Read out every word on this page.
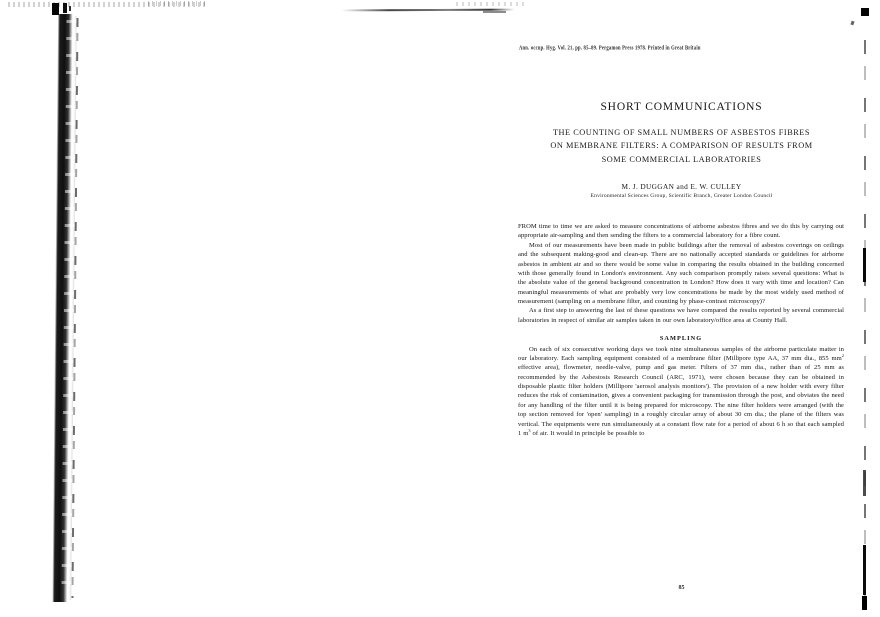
Ann. occup. Hyg. Vol. 21, pp. 85–89. Pergamon Press 1978. Printed in Great Britain
SHORT COMMUNICATIONS
THE COUNTING OF SMALL NUMBERS OF ASBESTOS FIBRES
ON MEMBRANE FILTERS: A COMPARISON OF RESULTS FROM
SOME COMMERCIAL LABORATORIES
M. J. DUGGAN and E. W. CULLEY
Environmental Sciences Group, Scientific Branch, Greater London Council

FROM time to time we are asked to measure concentrations of airborne asbestos fibres and we do this by carrying out appropriate air-sampling and then sending the filters to a commercial laboratory for a fibre count.

Most of our measurements have been made in public buildings after the removal of asbestos coverings on ceilings and the subsequent making-good and clean-up. There are no nationally accepted standards or guidelines for airborne asbestos in ambient air and so there would be some value in comparing the results obtained in the building concerned with those generally found in London's environment. Any such comparison promptly raises several questions: What is the absolute value of the general background concentration in London? How does it vary with time and location? Can meaningful measurements of what are probably very low concentrations be made by the most widely used method of measurement (sampling on a membrane filter, and counting by phase-contrast microscopy)?

As a first step to answering the last of these questions we have compared the results reported by several commercial laboratories in respect of similar air samples taken in our own laboratory/office area at County Hall.

SAMPLING

On each of six consecutive working days we took nine simultaneous samples of the airborne particulate matter in our laboratory. Each sampling equipment consisted of a membrane filter (Millipore type AA, 37 mm dia., 855 $mm^2$ effective area), flowmeter, needle-valve, pump and gas meter. Filters of 37 mm dia., rather than of 25 mm as recommended by the Asbestosis Research Council (ARC, 1971), were chosen because they can be obtained in disposable plastic filter holders (Millipore 'aerosol analysis monitors'). The provision of a new holder with every filter reduces the risk of contamination, gives a convenient packaging for transmission through the post, and obviates the need for any handling of the filter until it is being prepared for microscopy. The nine filter holders were arranged (with the top section removed for 'open' sampling) in a roughly circular array of about 30 cm dia.; the plane of the filters was vertical. The equipments were run simultaneously at a constant flow rate for a period of about 6 h so that each sampled 1 $m^3$ of air. It would in principle be possible to

85
